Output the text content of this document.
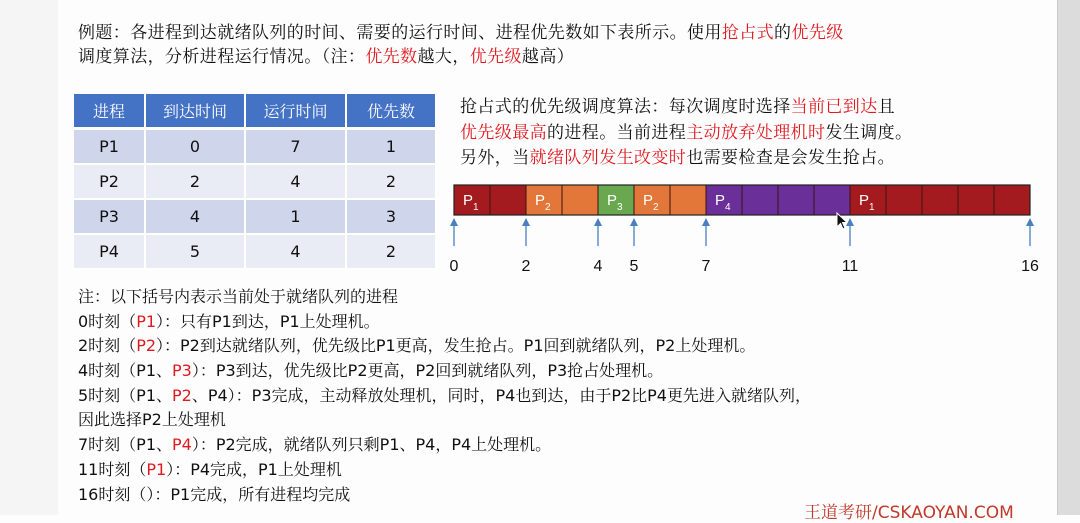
例题：各进程到达就绪队列的时间、需要的运行时间、进程优先数如下表所示。使用抢占式的优先级
调度算法，分析进程运行情况。（注：优先数越大，优先级越高）
进程	到达时间	运行时间	优先数
P1	0	7	1
P2	2	4	2
P3	4	1	3
P4	5	4	2
抢占式的优先级调度算法：每次调度时选择当前已到达且
优先级最高的进程。当前进程主动放弃处理机时发生调度。
另外，当就绪队列发生改变时也需要检查是会发生抢占。
$P_1$	$P_2$	$P_3$ $P_2$	$P_4$	$P_1$
0	2	4 5	7	11	16
注：以下括号内表示当前处于就绪队列的进程
0时刻（P1）：只有P1到达，P1上处理机。
2时刻（P2）：P2到达就绪队列，优先级比P1更高，发生抢占。P1回到就绪队列，P2上处理机。
4时刻（P1、P3）：P3到达，优先级比P2更高，P2回到就绪队列，P3抢占处理机。
5时刻（P1、P2、P4）：P3完成，主动释放处理机，同时，P4也到达，由于P2比P4更先进入就绪队列，
因此选择P2上处理机
7时刻（P1、P4）：P2完成，就绪队列只剩P1、P4，P4上处理机。
11时刻（P1）：P4完成，P1上处理机
16时刻（）：P1完成，所有进程均完成
王道考研/CSKAOYAN.COM
